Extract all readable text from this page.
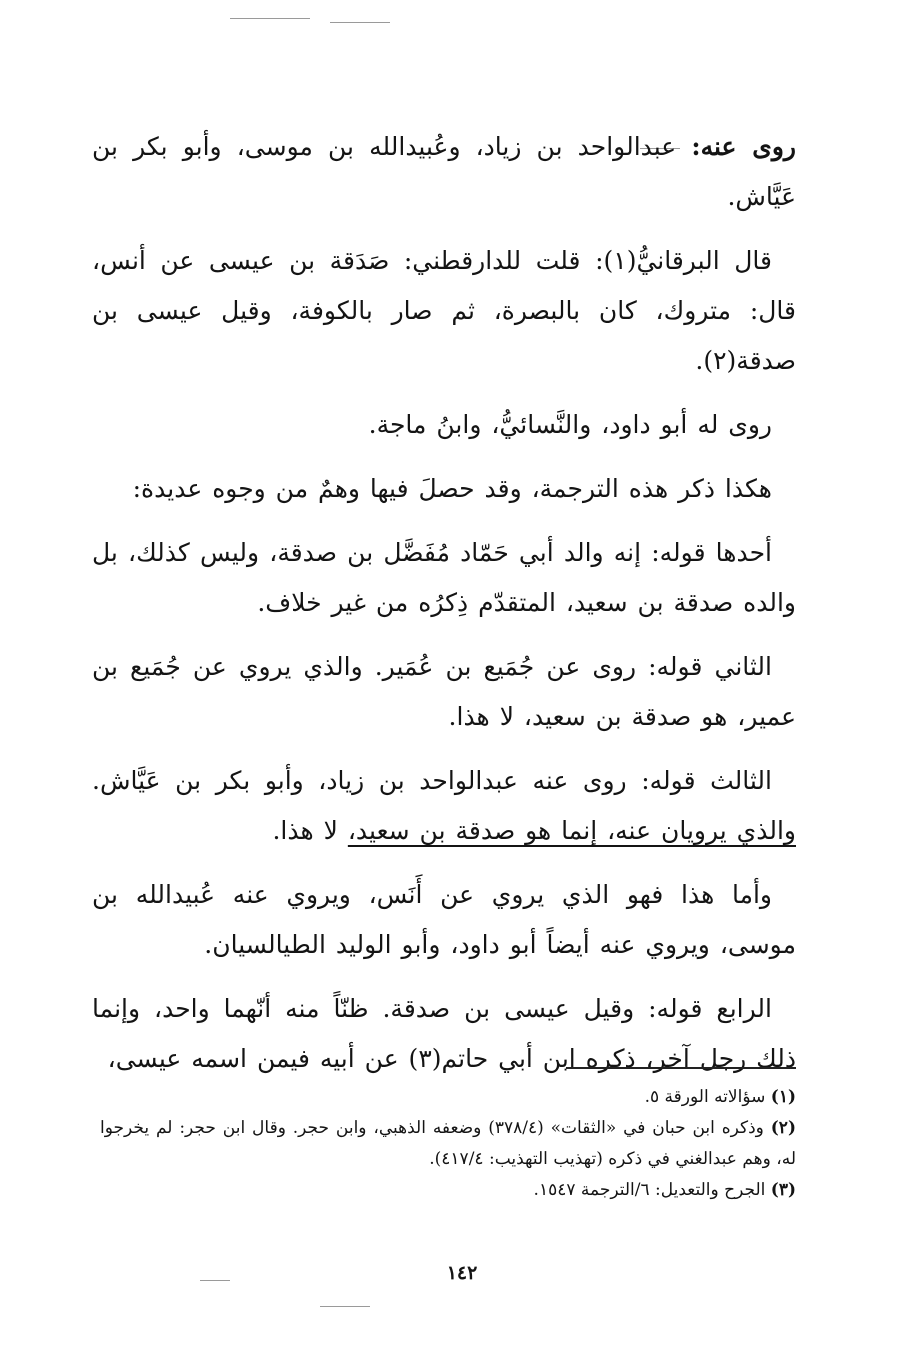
روى عنه: عبدالواحد بن زياد، وعُبيدالله بن موسى، وأبو بكر بن عَيَّاش.

قال البرقانيُّ(١): قلت للدارقطني: صَدَقة بن عيسى عن أنس، قال: متروك، كان بالبصرة، ثم صار بالكوفة، وقيل عيسى بن صدقة(٢).

روى له أبو داود، والنَّسائيُّ، وابنُ ماجة.

هكذا ذكر هذه الترجمة، وقد حصلَ فيها وهمٌ من وجوه عديدة:

أحدها قوله: إنه والد أبي حَمّاد مُفَضَّل بن صدقة، وليس كذلك، بل والده صدقة بن سعيد، المتقدّم ذِكرُه من غير خلاف.

الثاني قوله: روى عن جُمَيع بن عُمَير. والذي يروي عن جُمَيع بن عمير، هو صدقة بن سعيد، لا هذا.

الثالث قوله: روى عنه عبدالواحد بن زياد، وأبو بكر بن عَيَّاش. والذي يرويان عنه، إنما هو صدقة بن سعيد، لا هذا.

وأما هذا فهو الذي يروي عن أَنَس، ويروي عنه عُبيدالله بن موسى، ويروي عنه أيضاً أبو داود، وأبو الوليد الطيالسيان.

الرابع قوله: وقيل عيسى بن صدقة. ظنّاً منه أنّهما واحد، وإنما ذلك رجل آخر، ذكره ابن أبي حاتم(٣) عن أبيه فيمن اسمه عيسى،

(١) سؤالاته الورقة ٥.

(٢) وذكره ابن حبان في «الثقات» (٣٧٨/٤) وضعفه الذهبي، وابن حجر. وقال ابن حجر: لم يخرجوا له، وهم عبدالغني في ذكره (تهذيب التهذيب: ٤١٧/٤).

(٣) الجرح والتعديل: ٦/الترجمة ١٥٤٧.

١٤٢
